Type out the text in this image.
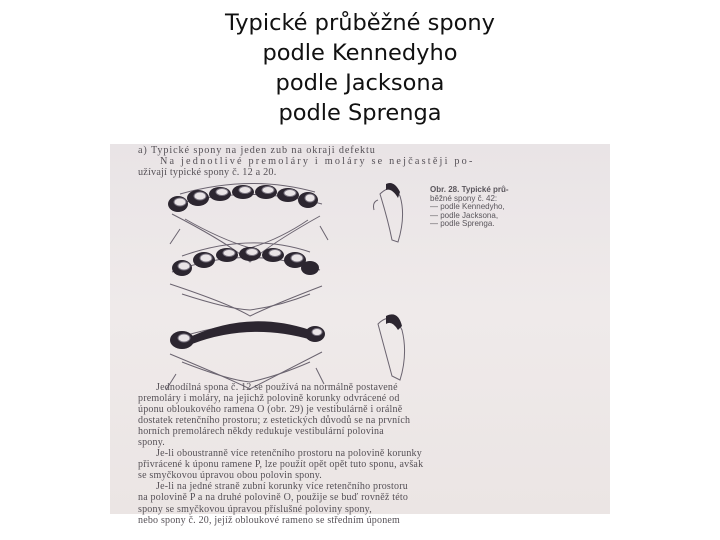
Typické průběžné spony
podle Kennedyho
podle Jacksona
podle Sprenga
a) Typické spony na jeden zub na okraji defektu
Na jednotlivé premoláry i moláry se nejčastěji po-
užívají typické spony č. 12 a 20.
Obr. 28. Typické prů-
běžné spony č. 42:
— podle Kennedyho,
— podle Jacksona,
— podle Sprenga.
Jednodílná spona č. 12 se používá na normálně postavené
premoláry i moláry, na jejichž polovině korunky odvrácené od
úponu obloukového ramena O (obr. 29) je vestibulárně i orálně
dostatek retenčního prostoru; z estetických důvodů se na prvních
horních premolárech někdy redukuje vestibulární polovina
spony.
Je-li oboustranně více retenčního prostoru na polovině korunky
přivrácené k úponu ramene P, lze použít opět opět tuto sponu, avšak
se smyčkovou úpravou obou polovin spony.
Je-li na jedné straně zubní korunky více retenčního prostoru
na polovině P a na druhé polovině O, použije se buď rovněž této
spony se smyčkovou úpravou příslušné poloviny spony,
nebo spony č. 20, jejíž obloukové rameno se středním úponem
